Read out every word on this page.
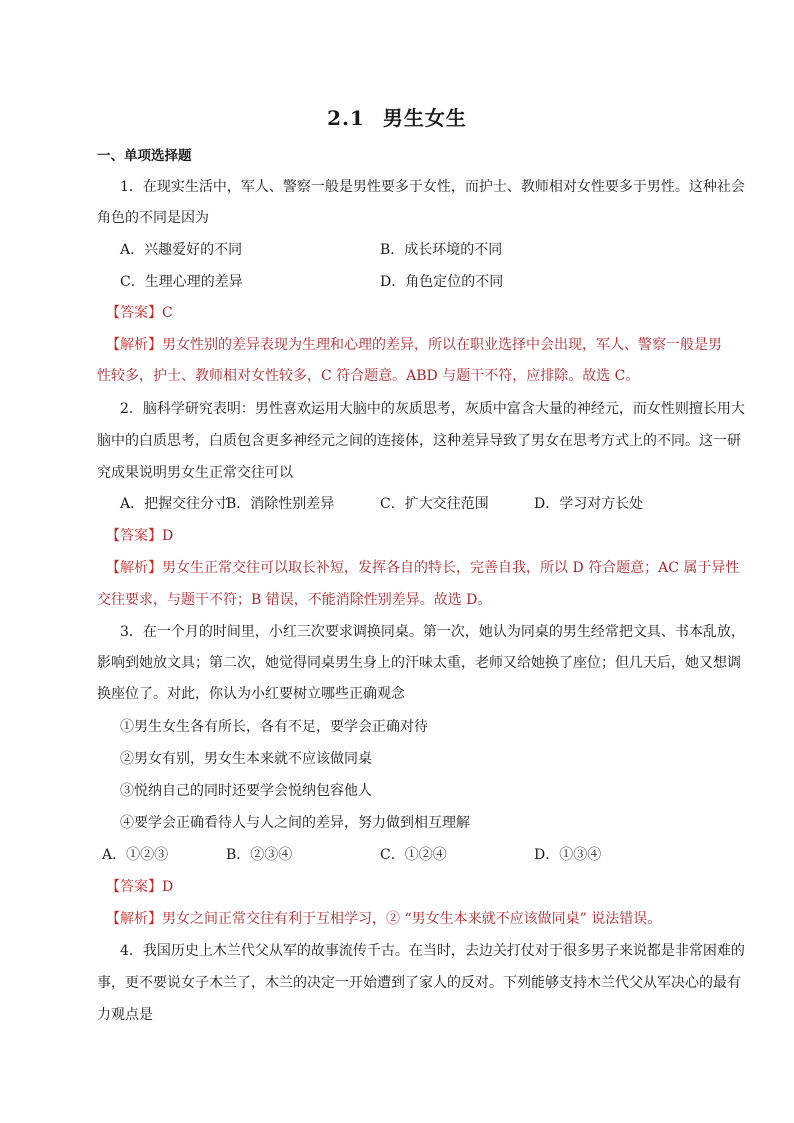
2.1 男生女生
一、单项选择题
1．在现实生活中，军人、警察一般是男性要多于女性，而护士、教师相对女性要多于男性。这种社会
角色的不同是因为
A．兴趣爱好的不同	B．成长环境的不同
C．生理心理的差异	D．角色定位的不同
【答案】C
【解析】男女性别的差异表现为生理和心理的差异，所以在职业选择中会出现，军人、警察一般是男
性较多，护士、教师相对女性较多，C 符合题意。ABD 与题干不符，应排除。故选 C。
2．脑科学研究表明：男性喜欢运用大脑中的灰质思考，灰质中富含大量的神经元，而女性则擅长用大
脑中的白质思考，白质包含更多神经元之间的连接体，这种差异导致了男女在思考方式上的不同。这一研
究成果说明男女生正常交往可以
A．把握交往分寸
B．消除性别差异	C．扩大交往范围	D．学习对方长处
【答案】D
【解析】男女生正常交往可以取长补短，发挥各自的特长，完善自我，所以 D 符合题意；AC 属于异性
交往要求，与题干不符；B 错误，不能消除性别差异。故选 D。
3．在一个月的时间里，小红三次要求调换同桌。第一次，她认为同桌的男生经常把文具、书本乱放，
影响到她放文具；第二次，她觉得同桌男生身上的汗味太重，老师又给她换了座位；但几天后，她又想调
换座位了。对此，你认为小红要树立哪些正确观念
①男生女生各有所长，各有不足，要学会正确对待
②男女有别，男女生本来就不应该做同桌
③悦纳自己的同时还要学会悦纳包容他人
④要学会正确看待人与人之间的差异，努力做到相互理解
A．①②③	B．②③④	C．①②④	D．①③④
【答案】D
【解析】男女之间正常交往有利于互相学习，② “男女生本来就不应该做同桌” 说法错误。
4．我国历史上木兰代父从军的故事流传千古。在当时，去边关打仗对于很多男子来说都是非常困难的
事，更不要说女子木兰了，木兰的决定一开始遭到了家人的反对。下列能够支持木兰代父从军决心的最有
力观点是
